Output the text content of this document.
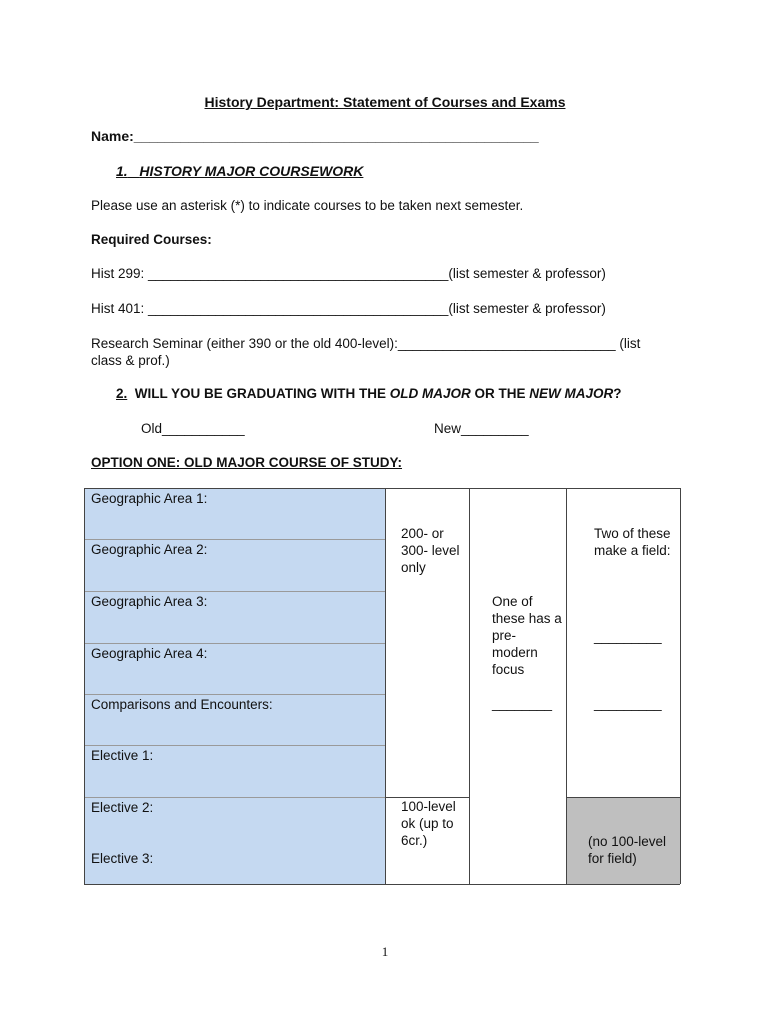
History Department: Statement of Courses and Exams
Name:____________________________________________________
1. HISTORY MAJOR COURSEWORK
Please use an asterisk (*) to indicate courses to be taken next semester.
Required Courses:
Hist 299: ________________________________________(list semester & professor)
Hist 401: ________________________________________(list semester & professor)
Research Seminar (either 390 or the old 400-level):_____________________________ (list class & prof.)
2. WILL YOU BE GRADUATING WITH THE OLD MAJOR OR THE NEW MAJOR?
Old___________	New_________
OPTION ONE: OLD MAJOR COURSE OF STUDY:
Geographic Area 1:
Geographic Area 2:
Geographic Area 3:
Geographic Area 4:
Comparisons and Encounters:
Elective 1:
Elective 2:
Elective 3:
200- or 300- level only
100-level ok (up to 6cr.)
One of these has a pre- modern focus
________
Two of these make a field:
_________
_________
(no 100-level for field)
1
